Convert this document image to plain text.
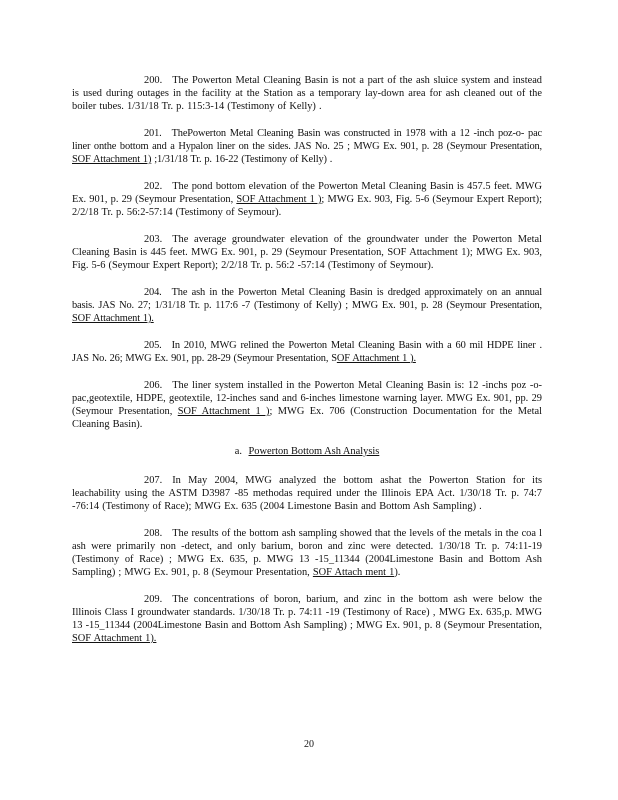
200. The Powerton Metal Cleaning Basin is not a part of the ash sluice system and instead is used during outages in the facility at the Station as a temporary lay-down area for ash cleaned out of the boiler tubes. 1/31/18 Tr. p. 115:3-14 (Testimony of Kelly) .

201. ThePowerton Metal Cleaning Basin was constructed in 1978 with a 12 -inch poz-o- pac liner onthe bottom and a Hypalon liner on the sides. JAS No. 25 ; MWG Ex. 901, p. 28 (Seymour Presentation, SOF Attachment 1) ;1/31/18 Tr. p. 16-22 (Testimony of Kelly) .

202. The pond bottom elevation of the Powerton Metal Cleaning Basin is 457.5 feet. MWG Ex. 901, p. 29 (Seymour Presentation, SOF Attachment 1 ); MWG Ex. 903, Fig. 5-6 (Seymour Expert Report); 2/2/18 Tr. p. 56:2-57:14 (Testimony of Seymour).

203. The average groundwater elevation of the groundwater under the Powerton Metal Cleaning Basin is 445 feet. MWG Ex. 901, p. 29 (Seymour Presentation, SOF Attachment 1); MWG Ex. 903, Fig. 5-6 (Seymour Expert Report); 2/2/18 Tr. p. 56:2 -57:14 (Testimony of Seymour).

204. The ash in the Powerton Metal Cleaning Basin is dredged approximately on an annual basis. JAS No. 27; 1/31/18 Tr. p. 117:6 -7 (Testimony of Kelly) ; MWG Ex. 901, p. 28 (Seymour Presentation, SOF Attachment 1).

205. In 2010, MWG relined the Powerton Metal Cleaning Basin with a 60 mil HDPE liner . JAS No. 26; MWG Ex. 901, pp. 28-29 (Seymour Presentation, SOF Attachment 1 ).

206. The liner system installed in the Powerton Metal Cleaning Basin is: 12 -inchs poz -o-pac,geotextile, HDPE, geotextile, 12-inches sand and 6-inches limestone warning layer. MWG Ex. 901, pp. 29 (Seymour Presentation, SOF Attachment 1 ); MWG Ex. 706 (Construction Documentation for the Metal Cleaning Basin).

a. Powerton Bottom Ash Analysis

207. In May 2004, MWG analyzed the bottom ashat the Powerton Station for its leachability using the ASTM D3987 -85 methodas required under the Illinois EPA Act. 1/30/18 Tr. p. 74:7 -76:14 (Testimony of Race); MWG Ex. 635 (2004 Limestone Basin and Bottom Ash Sampling) .

208. The results of the bottom ash sampling showed that the levels of the metals in the coa l ash were primarily non -detect, and only barium, boron and zinc were detected. 1/30/18 Tr. p. 74:11-19 (Testimony of Race) ; MWG Ex. 635, p. MWG 13 -15_11344 (2004Limestone Basin and Bottom Ash Sampling) ; MWG Ex. 901, p. 8 (Seymour Presentation, SOF Attach ment 1).

209. The concentrations of boron, barium, and zinc in the bottom ash were below the Illinois Class I groundwater standards. 1/30/18 Tr. p. 74:11 -19 (Testimony of Race) , MWG Ex. 635,p. MWG 13 -15_11344 (2004Limestone Basin and Bottom Ash Sampling) ; MWG Ex. 901, p. 8 (Seymour Presentation, SOF Attachment 1).

20
